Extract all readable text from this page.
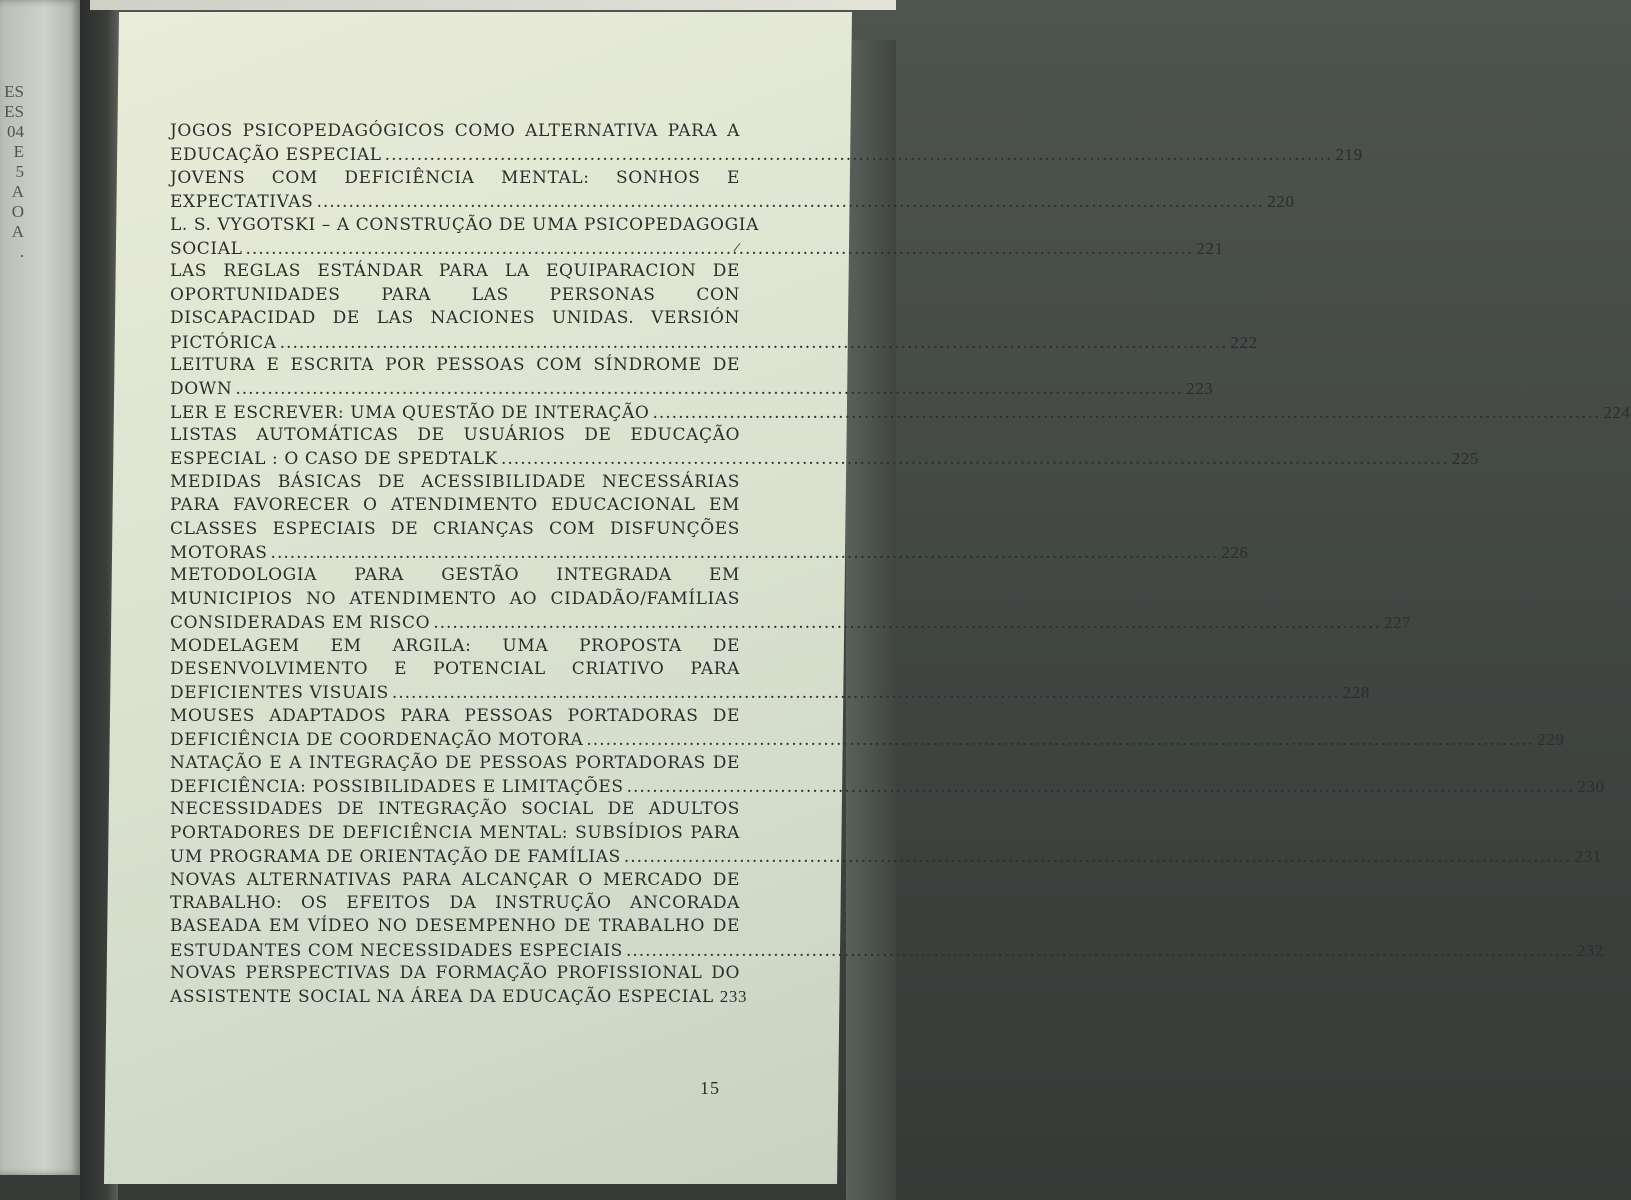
ES
ES
04
E
5
A
O
A
.
JOGOS PSICOPEDAGÓGICOS COMO ALTERNATIVA PARA A
EDUCAÇÃO ESPECIAL .....	219
JOVENS COM DEFICIÊNCIA MENTAL: SONHOS E
EXPECTATIVAS .....	220
L. S. VYGOTSKI – A CONSTRUÇÃO DE UMA PSICOPEDAGOGIA
SOCIAL .....	221
LAS REGLAS ESTÁNDAR PARA LA EQUIPARACION DE
OPORTUNIDADES PARA LAS PERSONAS CON
DISCAPACIDAD DE LAS NACIONES UNIDAS. VERSIÓN
PICTÓRICA .....	222
LEITURA E ESCRITA POR PESSOAS COM SÍNDROME DE
DOWN .....	223
LER E ESCREVER: UMA QUESTÃO DE INTERAÇÃO .....	224
LISTAS AUTOMÁTICAS DE USUÁRIOS DE EDUCAÇÃO
ESPECIAL : O CASO DE SPEDTALK .....	225
MEDIDAS BÁSICAS DE ACESSIBILIDADE NECESSÁRIAS
PARA FAVORECER O ATENDIMENTO EDUCACIONAL EM
CLASSES ESPECIAIS DE CRIANÇAS COM DISFUNÇÕES
MOTORAS .....	226
METODOLOGIA PARA GESTÃO INTEGRADA EM
MUNICIPIOS NO ATENDIMENTO AO CIDADÃO/FAMÍLIAS
CONSIDERADAS EM RISCO .....	227
MODELAGEM EM ARGILA: UMA PROPOSTA DE
DESENVOLVIMENTO E POTENCIAL CRIATIVO PARA
DEFICIENTES VISUAIS .....	228
MOUSES ADAPTADOS PARA PESSOAS PORTADORAS DE
DEFICIÊNCIA DE COORDENAÇÃO MOTORA .....	229
NATAÇÃO E A INTEGRAÇÃO DE PESSOAS PORTADORAS DE
DEFICIÊNCIA: POSSIBILIDADES E LIMITAÇÕES .....	230
NECESSIDADES DE INTEGRAÇÃO SOCIAL DE ADULTOS
PORTADORES DE DEFICIÊNCIA MENTAL: SUBSÍDIOS PARA
UM PROGRAMA DE ORIENTAÇÃO DE FAMÍLIAS .....	231
NOVAS ALTERNATIVAS PARA ALCANÇAR O MERCADO DE
TRABALHO: OS EFEITOS DA INSTRUÇÃO ANCORADA
BASEADA EM VÍDEO NO DESEMPENHO DE TRABALHO DE
ESTUDANTES COM NECESSIDADES ESPECIAIS .....	232
NOVAS PERSPECTIVAS DA FORMAÇÃO PROFISSIONAL DO
ASSISTENTE SOCIAL NA ÁREA DA EDUCAÇÃO ESPECIAL 233
/
15
